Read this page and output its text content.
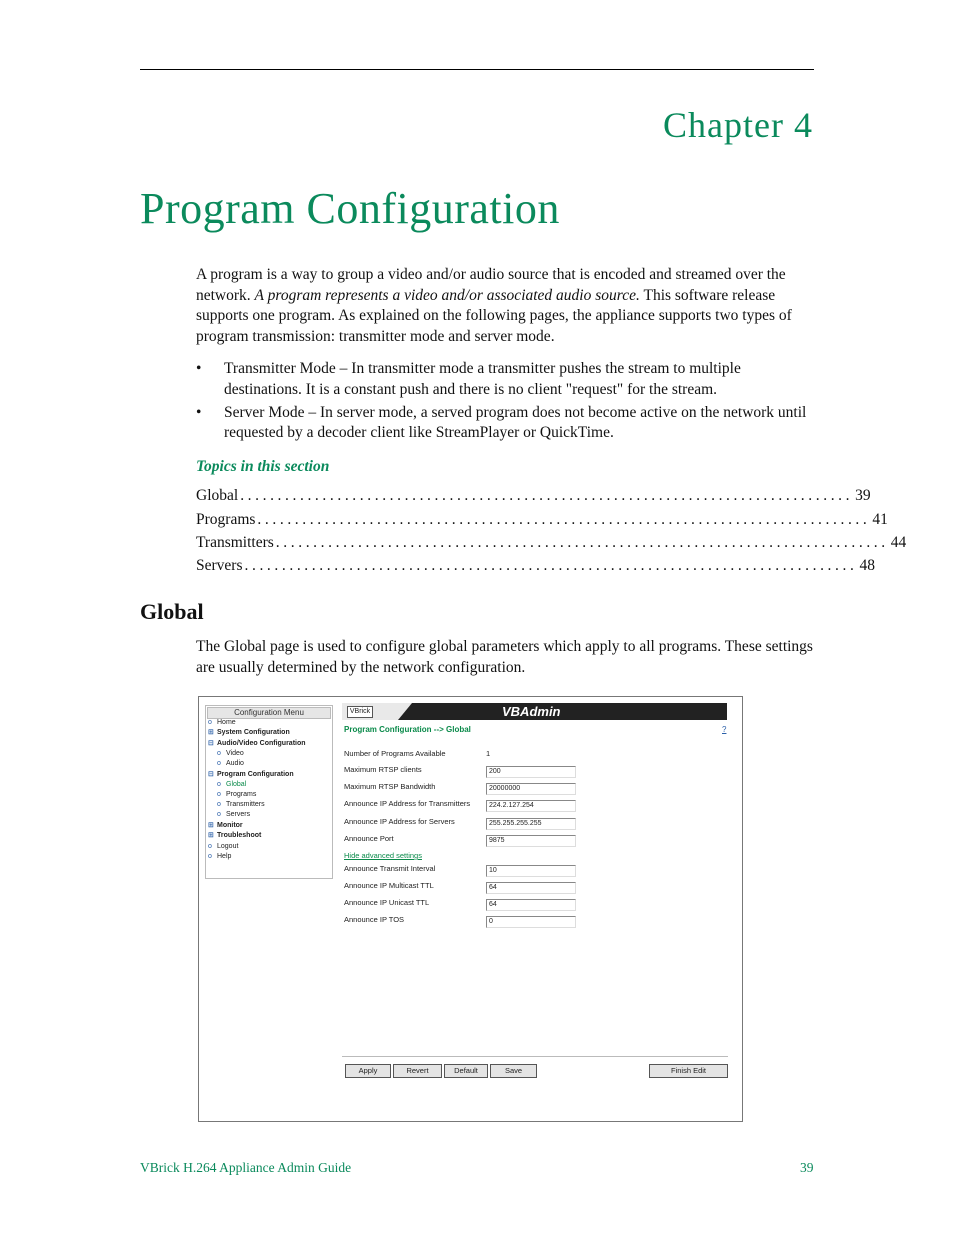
Chapter 4
Program Configuration
A program is a way to group a video and/or audio source that is encoded and streamed over the network. A program represents a video and/or associated audio source. This software release supports one program. As explained on the following pages, the appliance supports two types of program transmission: transmitter mode and server mode.
• Transmitter Mode – In transmitter mode a transmitter pushes the stream to multiple destinations. It is a constant push and there is no client "request" for the stream.
• Server Mode – In server mode, a served program does not become active on the network until requested by a decoder client like StreamPlayer or QuickTime.
Topics in this section
Global .................................................................................. 39
Programs .................................................................................. 41
Transmitters .................................................................................. 44
Servers .................................................................................. 48
Global
The Global page is used to configure global parameters which apply to all programs. These settings are usually determined by the network configuration.
Configuration Menu
o Home
⊞ System Configuration
⊟ Audio/Video Configuration
o Video
o Audio
⊟ Program Configuration
o Global
o Programs
o Transmitters
o Servers
⊞ Monitor
⊞ Troubleshoot
o Logout
o Help
VBrick	VBAdmin
Program Configuration --> Global	?
Number of Programs Available	1
Maximum RTSP clients	200
Maximum RTSP Bandwidth	20000000
Announce IP Address for Transmitters	224.2.127.254
Announce IP Address for Servers	255.255.255.255
Announce Port	9875
Hide advanced settings
Announce Transmit Interval	10
Announce IP Multicast TTL	64
Announce IP Unicast TTL	64
Announce IP TOS	0
Apply	Revert	Default	Save	Finish Edit
VBrick H.264 Appliance Admin Guide	39
